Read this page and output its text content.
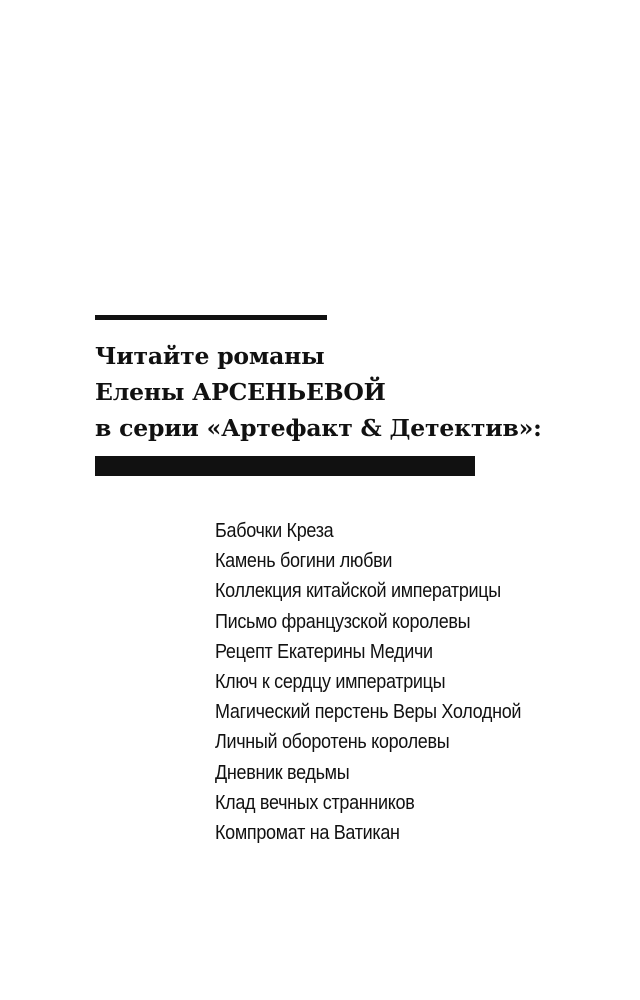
Читайте романы
Елены АРСЕНЬЕВОЙ
в серии «Артефакт & Детектив»:
Бабочки Креза
Камень богини любви
Коллекция китайской императрицы
Письмо французской королевы
Рецепт Екатерины Медичи
Ключ к сердцу императрицы
Магический перстень Веры Холодной
Личный оборотень королевы
Дневник ведьмы
Клад вечных странников
Компромат на Ватикан
